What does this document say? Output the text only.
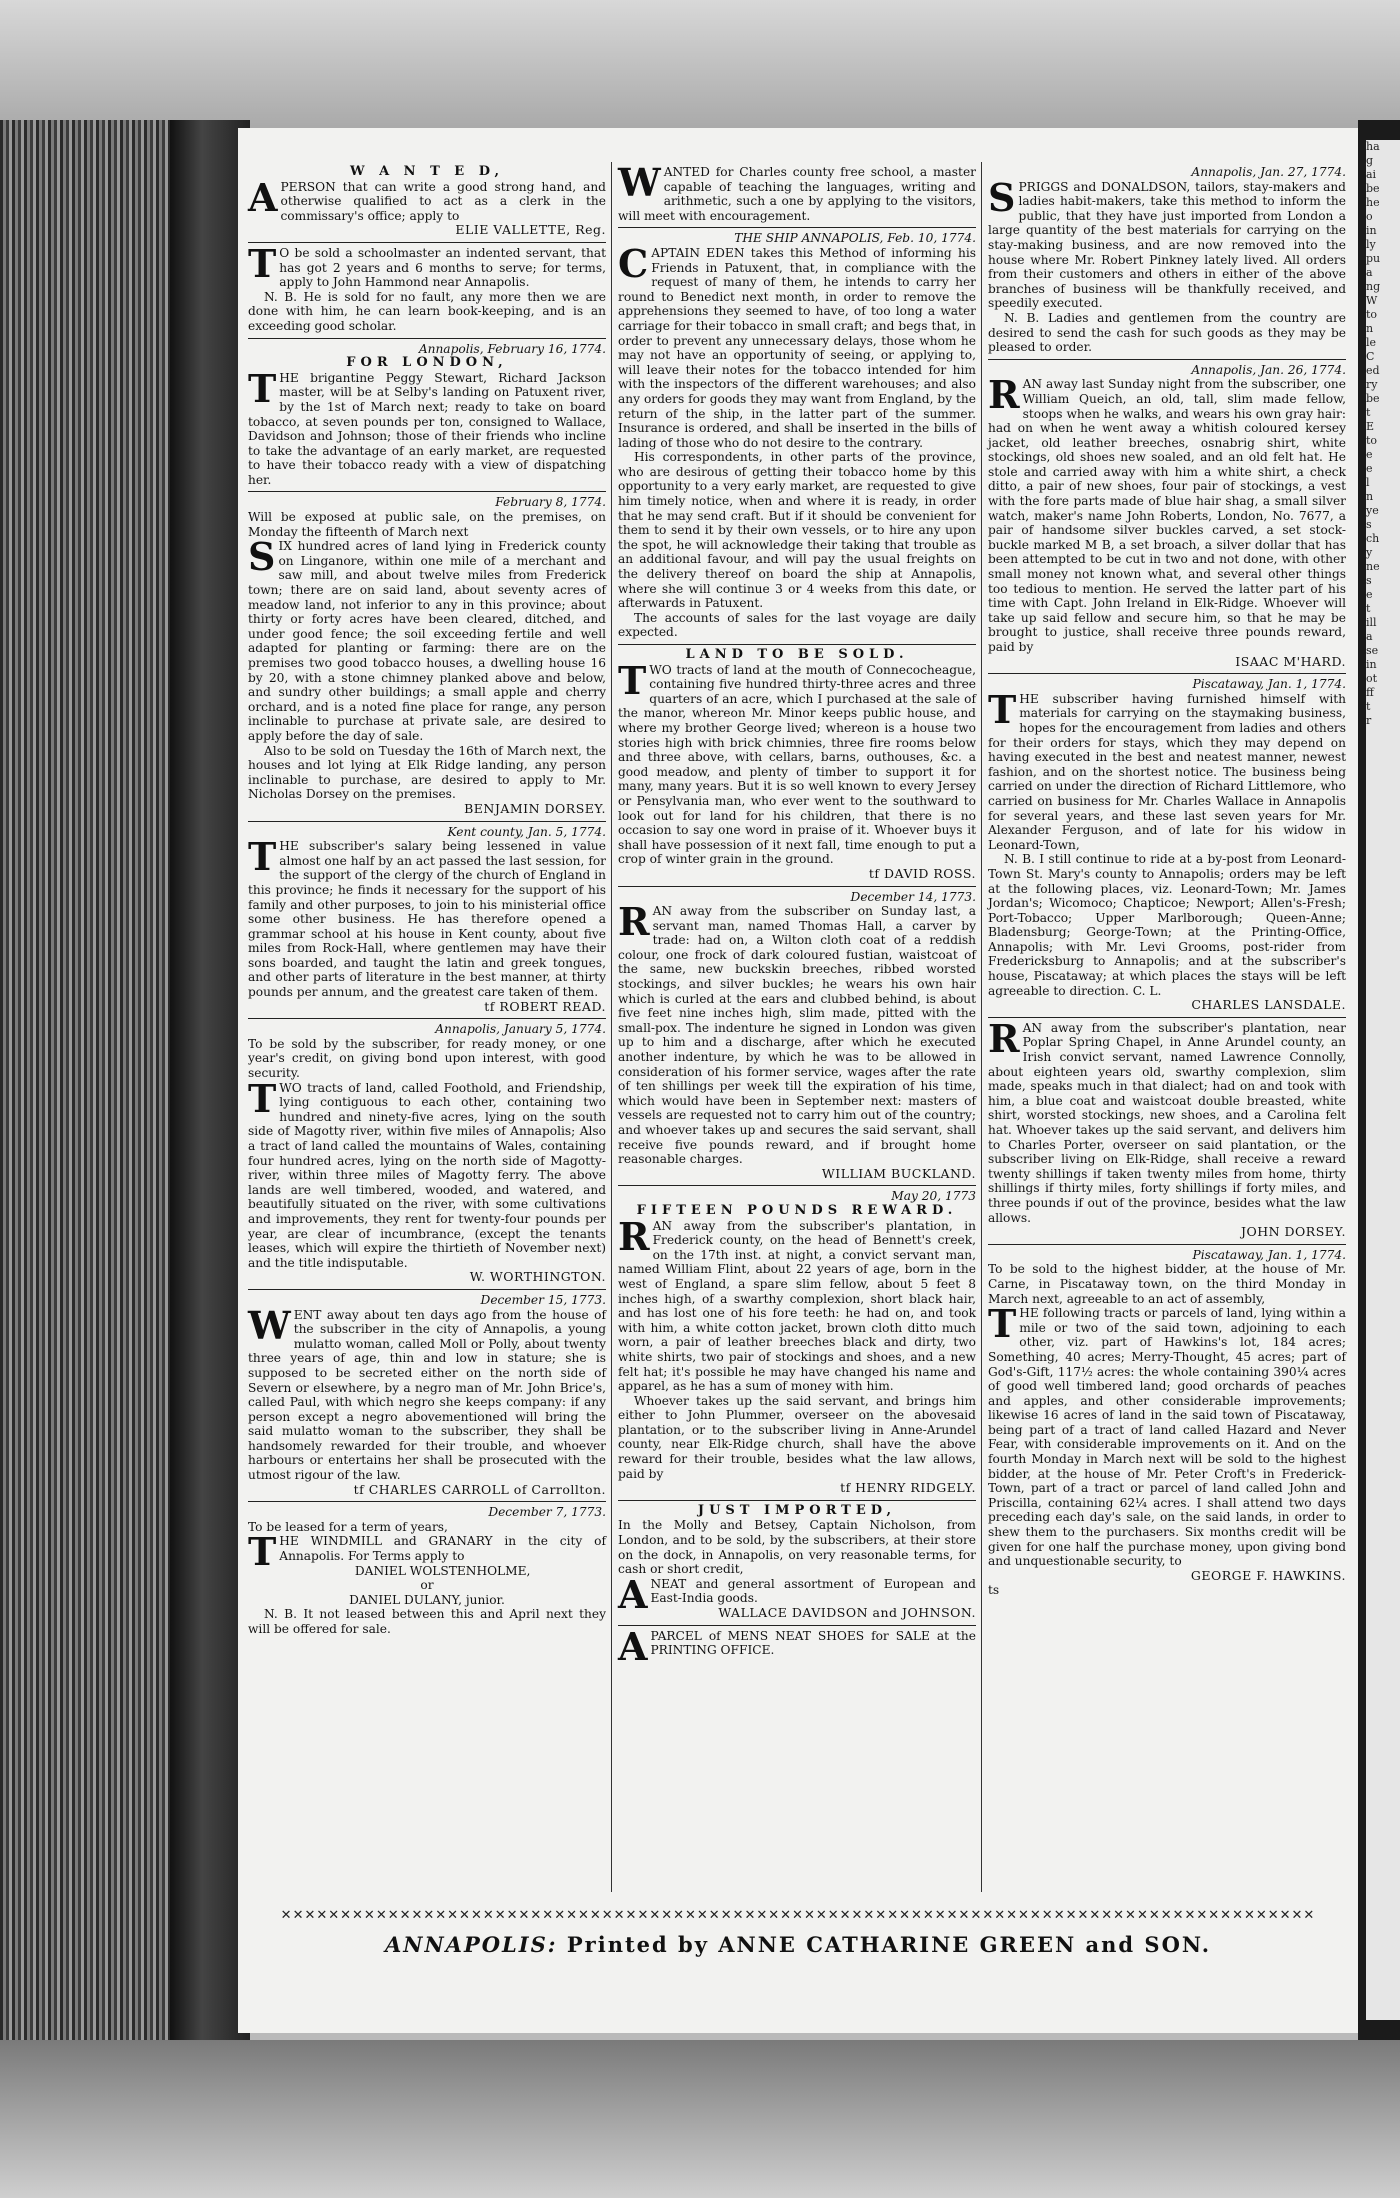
ha
g
ai
be
he
o
in
ly
pu
a
ng
W
to
n
le
C
ed
ry
be
t
E
to
e
e
l
n
ye
s
ch
y
ne
s
e
t
ill
a
se
in
ot
ff
t
r
W A N T E D,
APERSON that can write a good strong hand, and otherwise qualified to act as a clerk in the commissary's office; apply to
ELIE VALLETTE, Reg.
TO be sold a schoolmaster an indented servant, that has got 2 years and 6 months to serve; for terms, apply to John Hammond near Annapolis.
N. B. He is sold for no fault, any more then we are done with him, he can learn book-keeping, and is an exceeding good scholar.
Annapolis, February 16, 1774.
FOR LONDON,
THE brigantine Peggy Stewart, Richard Jackson master, will be at Selby's landing on Patuxent river, by the 1st of March next; ready to take on board tobacco, at seven pounds per ton, consigned to Wallace, Davidson and Johnson; those of their friends who incline to take the advantage of an early market, are requested to have their tobacco ready with a view of dispatching her.
February 8, 1774.
Will be exposed at public sale, on the premises, on Monday the fifteenth of March next
SIX hundred acres of land lying in Frederick county on Linganore, within one mile of a merchant and saw mill, and about twelve miles from Frederick town; there are on said land, about seventy acres of meadow land, not inferior to any in this province; about thirty or forty acres have been cleared, ditched, and under good fence; the soil exceeding fertile and well adapted for planting or farming: there are on the premises two good tobacco houses, a dwelling house 16 by 20, with a stone chimney planked above and below, and sundry other buildings; a small apple and cherry orchard, and is a noted fine place for range, any person inclinable to purchase at private sale, are desired to apply before the day of sale.
Also to be sold on Tuesday the 16th of March next, the houses and lot lying at Elk Ridge landing, any person inclinable to purchase, are desired to apply to Mr. Nicholas Dorsey on the premises.
BENJAMIN DORSEY.
Kent county, Jan. 5, 1774.
THE subscriber's salary being lessened in value almost one half by an act passed the last session, for the support of the clergy of the church of England in this province; he finds it necessary for the support of his family and other purposes, to join to his ministerial office some other business. He has therefore opened a grammar school at his house in Kent county, about five miles from Rock-Hall, where gentlemen may have their sons boarded, and taught the latin and greek tongues, and other parts of literature in the best manner, at thirty pounds per annum, and the greatest care taken of them.
tf ROBERT READ.
Annapolis, January 5, 1774.
To be sold by the subscriber, for ready money, or one year's credit, on giving bond upon interest, with good security.
TWO tracts of land, called Foothold, and Friendship, lying contiguous to each other, containing two hundred and ninety-five acres, lying on the south side of Magotty river, within five miles of Annapolis; Also a tract of land called the mountains of Wales, containing four hundred acres, lying on the north side of Magotty-river, within three miles of Magotty ferry. The above lands are well timbered, wooded, and watered, and beautifully situated on the river, with some cultivations and improvements, they rent for twenty-four pounds per year, are clear of incumbrance, (except the tenants leases, which will expire the thirtieth of November next) and the title indisputable.
W. WORTHINGTON.
December 15, 1773.
WENT away about ten days ago from the house of the subscriber in the city of Annapolis, a young mulatto woman, called Moll or Polly, about twenty three years of age, thin and low in stature; she is supposed to be secreted either on the north side of Severn or elsewhere, by a negro man of Mr. John Brice's, called Paul, with which negro she keeps company: if any person except a negro abovementioned will bring the said mulatto woman to the subscriber, they shall be handsomely rewarded for their trouble, and whoever harbours or entertains her shall be prosecuted with the utmost rigour of the law.
tf CHARLES CARROLL of Carrollton.
December 7, 1773.
To be leased for a term of years,
THE WINDMILL and GRANARY in the city of Annapolis. For Terms apply to
DANIEL WOLSTENHOLME,
or
DANIEL DULANY, junior.
N. B. It not leased between this and April next they will be offered for sale.
WANTED for Charles county free school, a master capable of teaching the languages, writing and arithmetic, such a one by applying to the visitors, will meet with encouragement.
THE SHIP ANNAPOLIS, Feb. 10, 1774.
CAPTAIN EDEN takes this Method of informing his Friends in Patuxent, that, in compliance with the request of many of them, he intends to carry her round to Benedict next month, in order to remove the apprehensions they seemed to have, of too long a water carriage for their tobacco in small craft; and begs that, in order to prevent any unnecessary delays, those whom he may not have an opportunity of seeing, or applying to, will leave their notes for the tobacco intended for him with the inspectors of the different warehouses; and also any orders for goods they may want from England, by the return of the ship, in the latter part of the summer. Insurance is ordered, and shall be inserted in the bills of lading of those who do not desire to the contrary.
His correspondents, in other parts of the province, who are desirous of getting their tobacco home by this opportunity to a very early market, are requested to give him timely notice, when and where it is ready, in order that he may send craft. But if it should be convenient for them to send it by their own vessels, or to hire any upon the spot, he will acknowledge their taking that trouble as an additional favour, and will pay the usual freights on the delivery thereof on board the ship at Annapolis, where she will continue 3 or 4 weeks from this date, or afterwards in Patuxent.
The accounts of sales for the last voyage are daily expected.
LAND TO BE SOLD.
TWO tracts of land at the mouth of Connecocheague, containing five hundred thirty-three acres and three quarters of an acre, which I purchased at the sale of the manor, whereon Mr. Minor keeps public house, and where my brother George lived; whereon is a house two stories high with brick chimnies, three fire rooms below and three above, with cellars, barns, outhouses, &c. a good meadow, and plenty of timber to support it for many, many years. But it is so well known to every Jersey or Pensylvania man, who ever went to the southward to look out for land for his children, that there is no occasion to say one word in praise of it. Whoever buys it shall have possession of it next fall, time enough to put a crop of winter grain in the ground.
tf DAVID ROSS.
December 14, 1773.
RAN away from the subscriber on Sunday last, a servant man, named Thomas Hall, a carver by trade: had on, a Wilton cloth coat of a reddish colour, one frock of dark coloured fustian, waistcoat of the same, new buckskin breeches, ribbed worsted stockings, and silver buckles; he wears his own hair which is curled at the ears and clubbed behind, is about five feet nine inches high, slim made, pitted with the small-pox. The indenture he signed in London was given up to him and a discharge, after which he executed another indenture, by which he was to be allowed in consideration of his former service, wages after the rate of ten shillings per week till the expiration of his time, which would have been in September next: masters of vessels are requested not to carry him out of the country; and whoever takes up and secures the said servant, shall receive five pounds reward, and if brought home reasonable charges.
WILLIAM BUCKLAND.
May 20, 1773
FIFTEEN POUNDS REWARD.
RAN away from the subscriber's plantation, in Frederick county, on the head of Bennett's creek, on the 17th inst. at night, a convict servant man, named William Flint, about 22 years of age, born in the west of England, a spare slim fellow, about 5 feet 8 inches high, of a swarthy complexion, short black hair, and has lost one of his fore teeth: he had on, and took with him, a white cotton jacket, brown cloth ditto much worn, a pair of leather breeches black and dirty, two white shirts, two pair of stockings and shoes, and a new felt hat; it's possible he may have changed his name and apparel, as he has a sum of money with him.
Whoever takes up the said servant, and brings him either to John Plummer, overseer on the abovesaid plantation, or to the subscriber living in Anne-Arundel county, near Elk-Ridge church, shall have the above reward for their trouble, besides what the law allows, paid by
tf HENRY RIDGELY.
JUST IMPORTED,
In the Molly and Betsey, Captain Nicholson, from London, and to be sold, by the subscribers, at their store on the dock, in Annapolis, on very reasonable terms, for cash or short credit,
ANEAT and general assortment of European and East-India goods.
WALLACE DAVIDSON and JOHNSON.
APARCEL of MENS NEAT SHOES for SALE at the PRINTING OFFICE.
Annapolis, Jan. 27, 1774.
SPRIGGS and DONALDSON, tailors, stay-makers and ladies habit-makers, take this method to inform the public, that they have just imported from London a large quantity of the best materials for carrying on the stay-making business, and are now removed into the house where Mr. Robert Pinkney lately lived. All orders from their customers and others in either of the above branches of business will be thankfully received, and speedily executed.
N. B. Ladies and gentlemen from the country are desired to send the cash for such goods as they may be pleased to order.
Annapolis, Jan. 26, 1774.
RAN away last Sunday night from the subscriber, one William Queich, an old, tall, slim made fellow, stoops when he walks, and wears his own gray hair: had on when he went away a whitish coloured kersey jacket, old leather breeches, osnabrig shirt, white stockings, old shoes new soaled, and an old felt hat. He stole and carried away with him a white shirt, a check ditto, a pair of new shoes, four pair of stockings, a vest with the fore parts made of blue hair shag, a small silver watch, maker's name John Roberts, London, No. 7677, a pair of handsome silver buckles carved, a set stock-buckle marked M B, a set broach, a silver dollar that has been attempted to be cut in two and not done, with other small money not known what, and several other things too tedious to mention. He served the latter part of his time with Capt. John Ireland in Elk-Ridge. Whoever will take up said fellow and secure him, so that he may be brought to justice, shall receive three pounds reward, paid by
ISAAC M'HARD.
Piscataway, Jan. 1, 1774.
THE subscriber having furnished himself with materials for carrying on the staymaking business, hopes for the encouragement from ladies and others for their orders for stays, which they may depend on having executed in the best and neatest manner, newest fashion, and on the shortest notice. The business being carried on under the direction of Richard Littlemore, who carried on business for Mr. Charles Wallace in Annapolis for several years, and these last seven years for Mr. Alexander Ferguson, and of late for his widow in Leonard-Town,
N. B. I still continue to ride at a by-post from Leonard-Town St. Mary's county to Annapolis; orders may be left at the following places, viz. Leonard-Town; Mr. James Jordan's; Wicomoco; Chapticoe; Newport; Allen's-Fresh; Port-Tobacco; Upper Marlborough; Queen-Anne; Bladensburg; George-Town; at the Printing-Office, Annapolis; with Mr. Levi Grooms, post-rider from Fredericksburg to Annapolis; and at the subscriber's house, Piscataway; at which places the stays will be left agreeable to direction. C. L.
CHARLES LANSDALE.
RAN away from the subscriber's plantation, near Poplar Spring Chapel, in Anne Arundel county, an Irish convict servant, named Lawrence Connolly, about eighteen years old, swarthy complexion, slim made, speaks much in that dialect; had on and took with him, a blue coat and waistcoat double breasted, white shirt, worsted stockings, new shoes, and a Carolina felt hat. Whoever takes up the said servant, and delivers him to Charles Porter, overseer on said plantation, or the subscriber living on Elk-Ridge, shall receive a reward twenty shillings if taken twenty miles from home, thirty shillings if thirty miles, forty shillings if forty miles, and three pounds if out of the province, besides what the law allows.
JOHN DORSEY.
Piscataway, Jan. 1, 1774.
To be sold to the highest bidder, at the house of Mr. Carne, in Piscataway town, on the third Monday in March next, agreeable to an act of assembly,
THE following tracts or parcels of land, lying within a mile or two of the said town, adjoining to each other, viz. part of Hawkins's lot, 184 acres; Something, 40 acres; Merry-Thought, 45 acres; part of God's-Gift, 117½ acres: the whole containing 390¼ acres of good well timbered land; good orchards of peaches and apples, and other considerable improvements; likewise 16 acres of land in the said town of Piscataway, being part of a tract of land called Hazard and Never Fear, with considerable improvements on it. And on the fourth Monday in March next will be sold to the highest bidder, at the house of Mr. Peter Croft's in Frederick-Town, part of a tract or parcel of land called John and Priscilla, containing 62¼ acres. I shall attend two days preceding each day's sale, on the said lands, in order to shew them to the purchasers. Six months credit will be given for one half the purchase money, upon giving bond and unquestionable security, to
GEORGE F. HAWKINS.
ts
✕✕✕✕✕✕✕✕✕✕✕✕✕✕✕✕✕✕✕✕✕✕✕✕✕✕✕✕✕✕✕✕✕✕✕✕✕✕✕✕✕✕✕✕✕✕✕✕✕✕✕✕✕✕✕✕✕✕✕✕✕✕✕✕✕✕✕✕✕✕✕✕✕✕✕✕✕✕✕✕✕✕✕✕✕✕✕
ANNAPOLIS: Printed by ANNE CATHARINE GREEN and SON.
